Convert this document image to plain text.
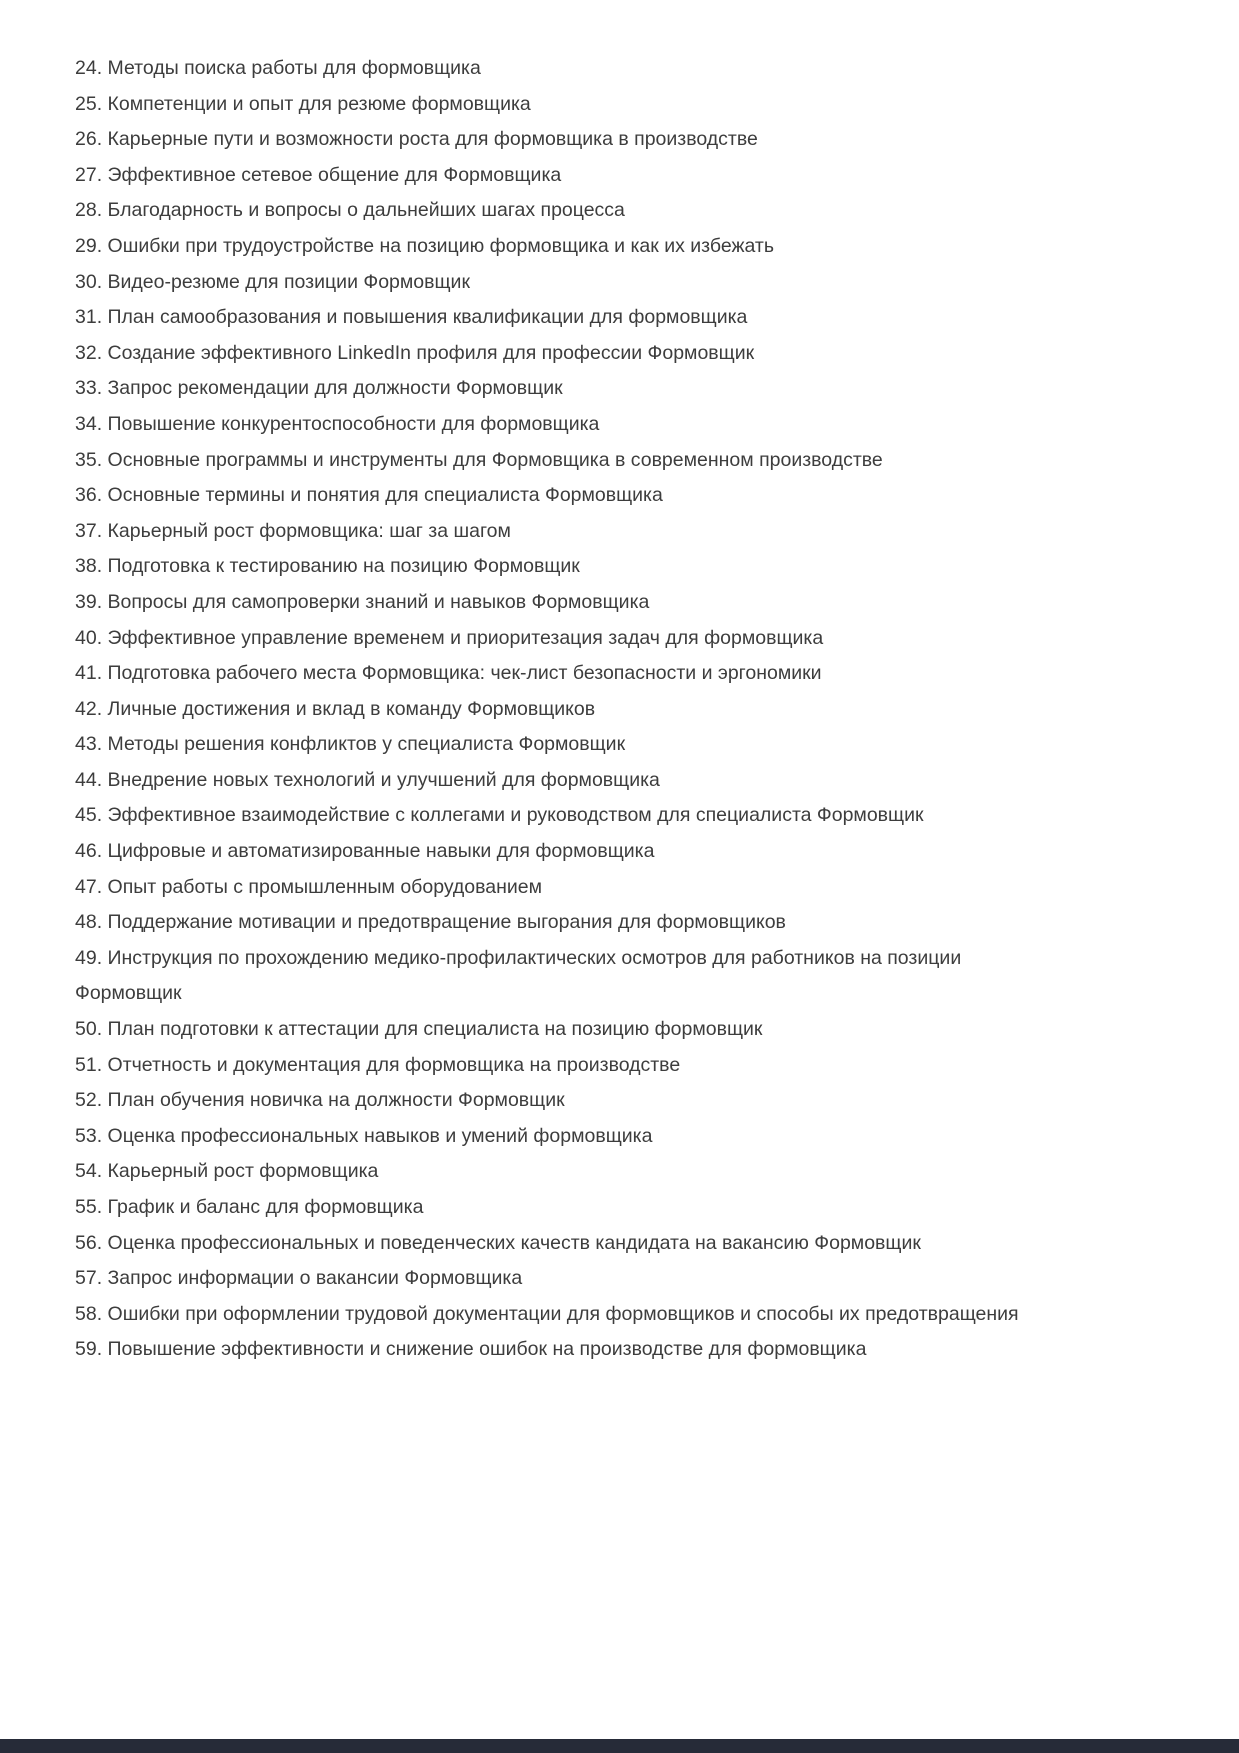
24. Методы поиска работы для формовщика

25. Компетенции и опыт для резюме формовщика

26. Карьерные пути и возможности роста для формовщика в производстве

27. Эффективное сетевое общение для Формовщика

28. Благодарность и вопросы о дальнейших шагах процесса

29. Ошибки при трудоустройстве на позицию формовщика и как их избежать

30. Видео-резюме для позиции Формовщик

31. План самообразования и повышения квалификации для формовщика

32. Создание эффективного LinkedIn профиля для профессии Формовщик

33. Запрос рекомендации для должности Формовщик

34. Повышение конкурентоспособности для формовщика

35. Основные программы и инструменты для Формовщика в современном производстве

36. Основные термины и понятия для специалиста Формовщика

37. Карьерный рост формовщика: шаг за шагом

38. Подготовка к тестированию на позицию Формовщик

39. Вопросы для самопроверки знаний и навыков Формовщика

40. Эффективное управление временем и приоритезация задач для формовщика

41. Подготовка рабочего места Формовщика: чек-лист безопасности и эргономики

42. Личные достижения и вклад в команду Формовщиков

43. Методы решения конфликтов у специалиста Формовщик

44. Внедрение новых технологий и улучшений для формовщика

45. Эффективное взаимодействие с коллегами и руководством для специалиста Формовщик

46. Цифровые и автоматизированные навыки для формовщика

47. Опыт работы с промышленным оборудованием

48. Поддержание мотивации и предотвращение выгорания для формовщиков

49. Инструкция по прохождению медико-профилактических осмотров для работников на позиции Формовщик

50. План подготовки к аттестации для специалиста на позицию формовщик

51. Отчетность и документация для формовщика на производстве

52. План обучения новичка на должности Формовщик

53. Оценка профессиональных навыков и умений формовщика

54. Карьерный рост формовщика

55. График и баланс для формовщика

56. Оценка профессиональных и поведенческих качеств кандидата на вакансию Формовщик

57. Запрос информации о вакансии Формовщика

58. Ошибки при оформлении трудовой документации для формовщиков и способы их предотвращения

59. Повышение эффективности и снижение ошибок на производстве для формовщика
